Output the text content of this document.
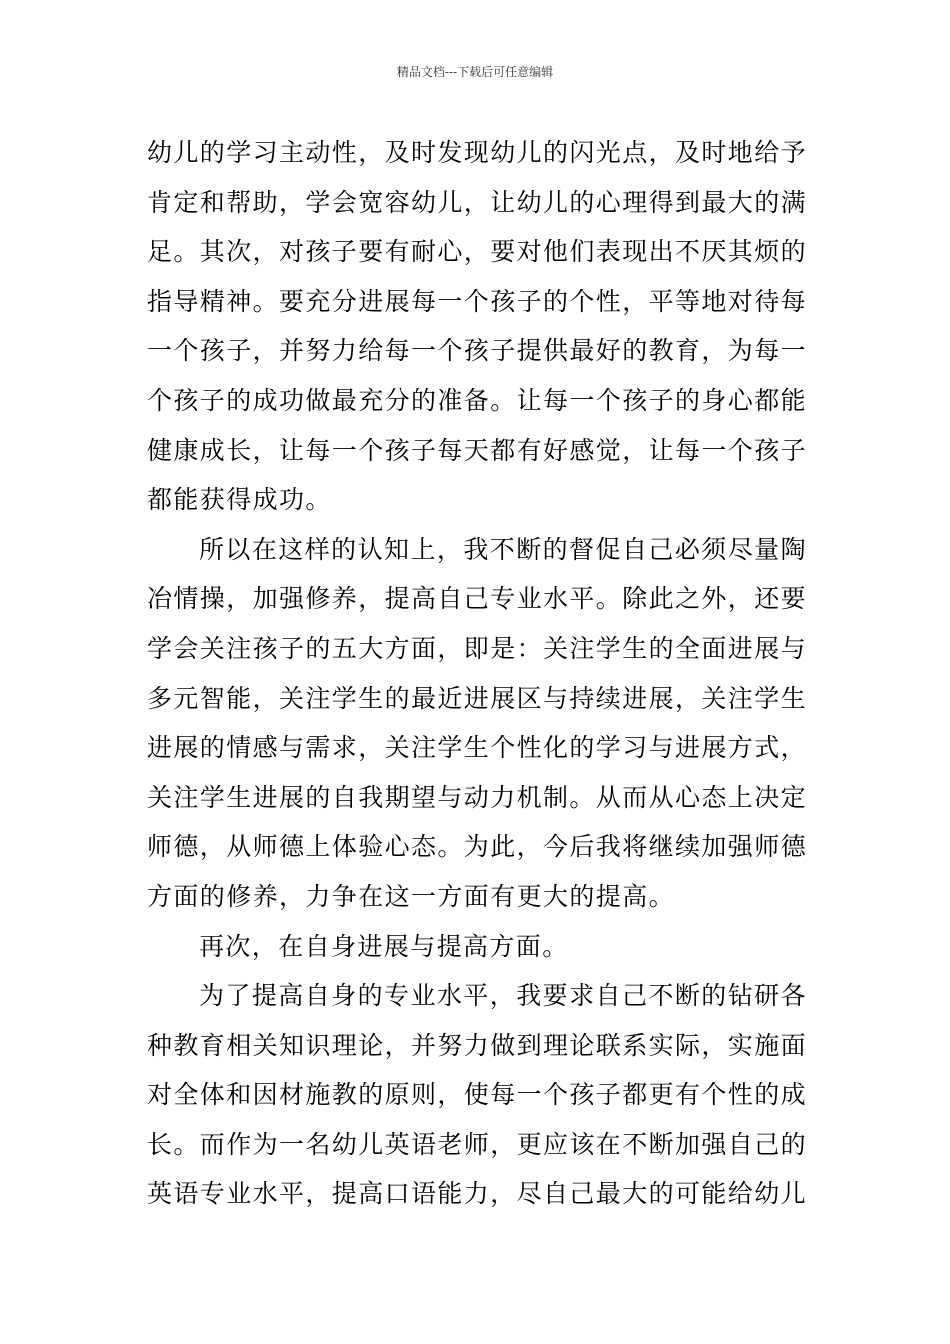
精品文档---下载后可任意编辑

幼儿的学习主动性，及时发现幼儿的闪光点，及时地给予肯定和帮助，学会宽容幼儿，让幼儿的心理得到最大的满足。其次，对孩子要有耐心，要对他们表现出不厌其烦的指导精神。要充分进展每一个孩子的个性，平等地对待每一个孩子，并努力给每一个孩子提供最好的教育，为每一个孩子的成功做最充分的准备。让每一个孩子的身心都能健康成长，让每一个孩子每天都有好感觉，让每一个孩子都能获得成功。

所以在这样的认知上，我不断的督促自己必须尽量陶冶情操，加强修养，提高自己专业水平。除此之外，还要学会关注孩子的五大方面，即是：关注学生的全面进展与多元智能，关注学生的最近进展区与持续进展，关注学生进展的情感与需求，关注学生个性化的学习与进展方式，关注学生进展的自我期望与动力机制。从而从心态上决定师德，从师德上体验心态。为此，今后我将继续加强师德方面的修养，力争在这一方面有更大的提高。

再次，在自身进展与提高方面。

为了提高自身的专业水平，我要求自己不断的钻研各种教育相关知识理论，并努力做到理论联系实际，实施面对全体和因材施教的原则，使每一个孩子都更有个性的成长。而作为一名幼儿英语老师，更应该在不断加强自己的英语专业水平，提高口语能力，尽自己最大的可能给幼儿
